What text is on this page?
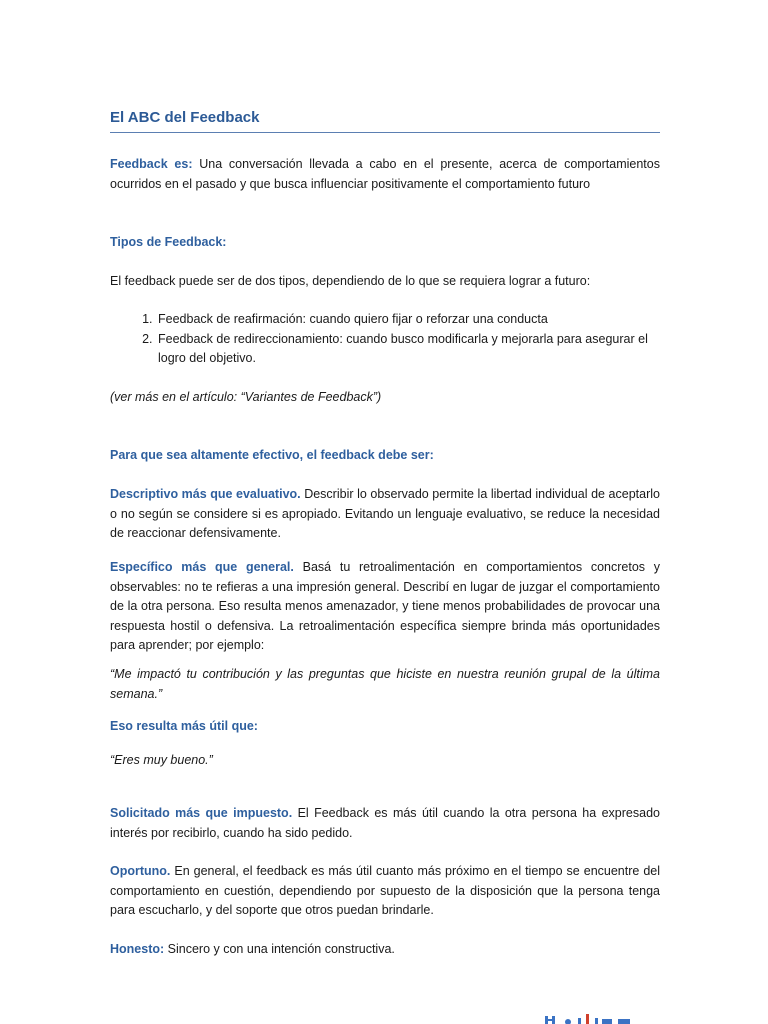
El ABC del Feedback

Feedback es: Una conversación llevada a cabo en el presente, acerca de comportamientos ocurridos en el pasado y que busca influenciar positivamente el comportamiento futuro

Tipos de Feedback:

El feedback puede ser de dos tipos, dependiendo de lo que se requiera lograr a futuro:

1. Feedback de reafirmación: cuando quiero fijar o reforzar una conducta
2. Feedback de redireccionamiento: cuando busco modificarla y mejorarla para asegurar el logro del objetivo.

(ver más en el artículo: “Variantes de Feedback”)

Para que sea altamente efectivo, el feedback debe ser:

Descriptivo más que evaluativo. Describir lo observado permite la libertad individual de aceptarlo o no según se considere si es apropiado. Evitando un lenguaje evaluativo, se reduce la necesidad de reaccionar defensivamente.

Específico más que general. Basá tu retroalimentación en comportamientos concretos y observables: no te refieras a una impresión general. Describí en lugar de juzgar el comportamiento de la otra persona. Eso resulta menos amenazador, y tiene menos probabilidades de provocar una respuesta hostil o defensiva. La retroalimentación específica siempre brinda más oportunidades para aprender; por ejemplo:

“Me impactó tu contribución y las preguntas que hiciste en nuestra reunión grupal de la última semana.”

Eso resulta más útil que:

“Eres muy bueno.”

Solicitado más que impuesto. El Feedback es más útil cuando la otra persona ha expresado interés por recibirlo, cuando ha sido pedido.

Oportuno. En general, el feedback es más útil cuanto más próximo en el tiempo se encuentre del comportamiento en cuestión, dependiendo por supuesto de la disposición que la persona tenga para escucharlo, y del soporte que otros puedan brindarle.

Honesto: Sincero y con una intención constructiva.
